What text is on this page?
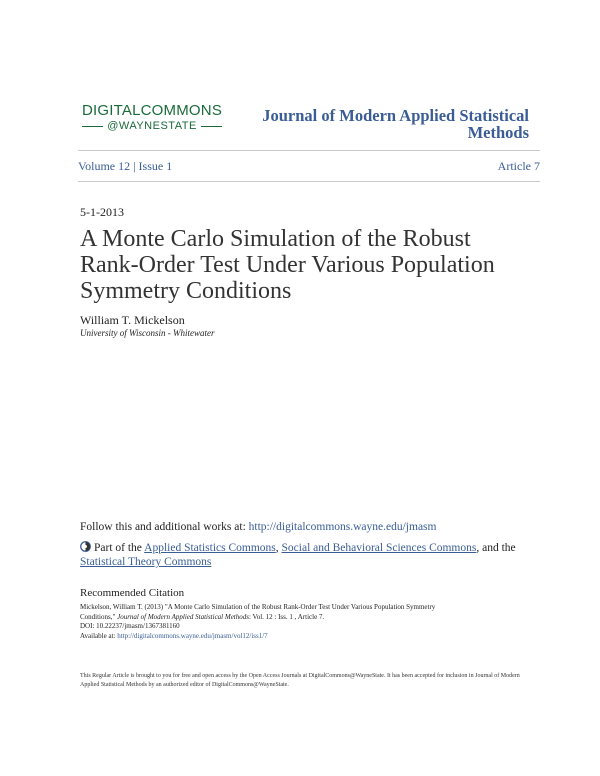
DIGITALCOMMONS
@WAYNESTATE
Journal of Modern Applied Statistical Methods
Volume 12 | Issue 1	Article 7
5-1-2013
A Monte Carlo Simulation of the Robust Rank-Order Test Under Various Population Symmetry Conditions
William T. Mickelson
University of Wisconsin - Whitewater
Follow this and additional works at: http://digitalcommons.wayne.edu/jmasm
Part of the Applied Statistics Commons, Social and Behavioral Sciences Commons, and the Statistical Theory Commons
Recommended Citation
Mickelson, William T. (2013) "A Monte Carlo Simulation of the Robust Rank-Order Test Under Various Population Symmetry
Conditions," Journal of Modern Applied Statistical Methods: Vol. 12 : Iss. 1 , Article 7.
DOI: 10.22237/jmasm/1367381160
Available at: http://digitalcommons.wayne.edu/jmasm/vol12/iss1/7
This Regular Article is brought to you for free and open access by the Open Access Journals at DigitalCommons@WayneState. It has been accepted for inclusion in Journal of Modern Applied Statistical Methods by an authorized editor of DigitalCommons@WayneState.
